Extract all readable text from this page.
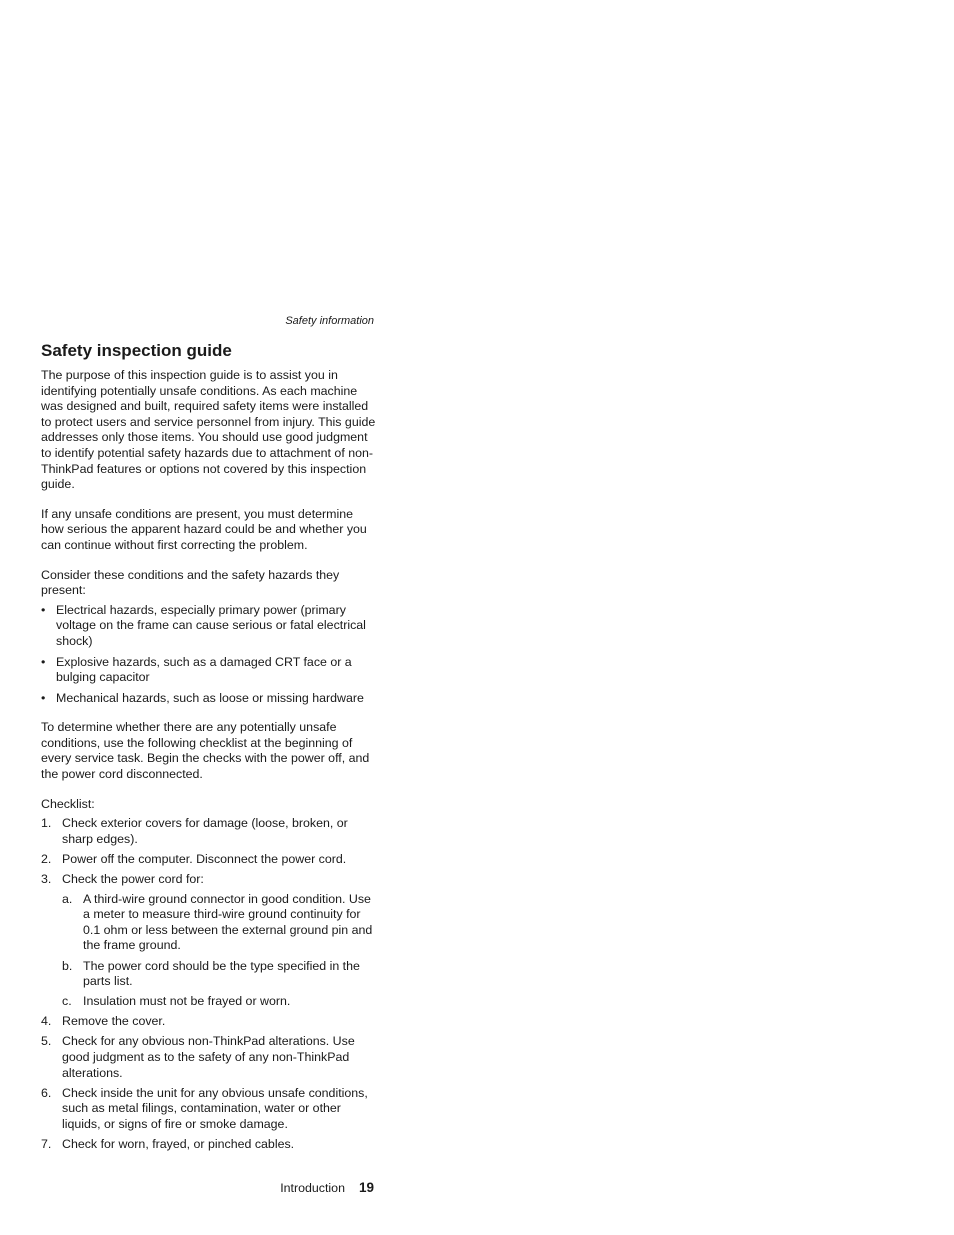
Safety information
Safety inspection guide

The purpose of this inspection guide is to assist you in identifying potentially unsafe conditions. As each machine was designed and built, required safety items were installed to protect users and service personnel from injury. This guide addresses only those items. You should use good judgment to identify potential safety hazards due to attachment of non-ThinkPad features or options not covered by this inspection guide.

If any unsafe conditions are present, you must determine how serious the apparent hazard could be and whether you can continue without first correcting the problem.

Consider these conditions and the safety hazards they present:

• Electrical hazards, especially primary power (primary voltage on the frame can cause serious or fatal electrical shock)
• Explosive hazards, such as a damaged CRT face or a bulging capacitor
• Mechanical hazards, such as loose or missing hardware

To determine whether there are any potentially unsafe conditions, use the following checklist at the beginning of every service task. Begin the checks with the power off, and the power cord disconnected.

Checklist:

1. Check exterior covers for damage (loose, broken, or sharp edges).
2. Power off the computer. Disconnect the power cord.
3. Check the power cord for:
a. A third-wire ground connector in good condition. Use a meter to measure third-wire ground continuity for 0.1 ohm or less between the external ground pin and the frame ground.
b. The power cord should be the type specified in the parts list.
c. Insulation must not be frayed or worn.
4. Remove the cover.
5. Check for any obvious non-ThinkPad alterations. Use good judgment as to the safety of any non-ThinkPad alterations.
6. Check inside the unit for any obvious unsafe conditions, such as metal filings, contamination, water or other liquids, or signs of fire or smoke damage.
7. Check for worn, frayed, or pinched cables.
Introduction 19
